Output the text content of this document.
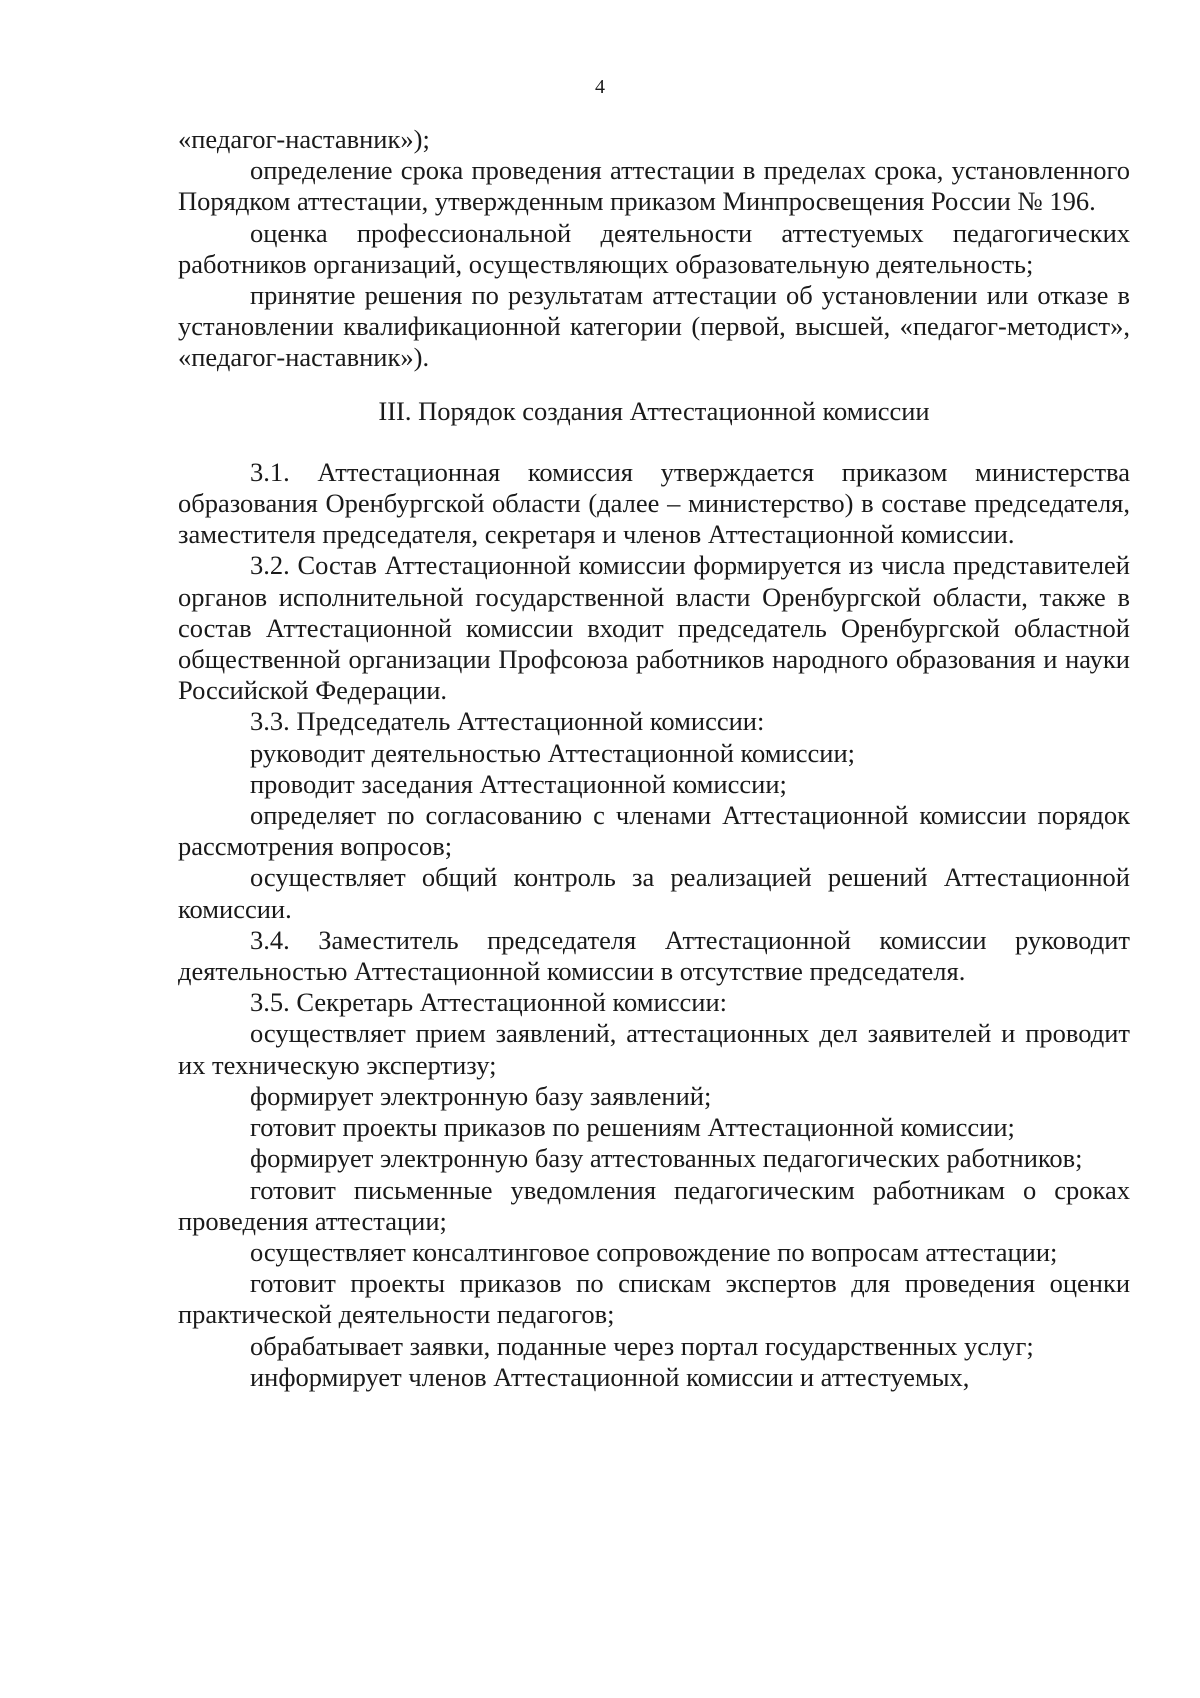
4

«педагог-наставник»);

определение срока проведения аттестации в пределах срока, установленного Порядком аттестации, утвержденным приказом Минпросвещения России № 196.

оценка профессиональной деятельности аттестуемых педагогических работников организаций, осуществляющих образовательную деятельность;

принятие решения по результатам аттестации об установлении или отказе в установлении квалификационной категории (первой, высшей, «педагог-методист», «педагог-наставник»).

III. Порядок создания Аттестационной комиссии

3.1. Аттестационная комиссия утверждается приказом министерства образования Оренбургской области (далее – министерство) в составе председателя, заместителя председателя, секретаря и членов Аттестационной комиссии.

3.2. Состав Аттестационной комиссии формируется из числа представителей органов исполнительной государственной власти Оренбургской области, также в состав Аттестационной комиссии входит председатель Оренбургской областной общественной организации Профсоюза работников народного образования и науки Российской Федерации.

3.3. Председатель Аттестационной комиссии:

руководит деятельностью Аттестационной комиссии;

проводит заседания Аттестационной комиссии;

определяет по согласованию с членами Аттестационной комиссии порядок рассмотрения вопросов;

осуществляет общий контроль за реализацией решений Аттестационной комиссии.

3.4. Заместитель председателя Аттестационной комиссии руководит деятельностью Аттестационной комиссии в отсутствие председателя.

3.5. Секретарь Аттестационной комиссии:

осуществляет прием заявлений, аттестационных дел заявителей и проводит их техническую экспертизу;

формирует электронную базу заявлений;

готовит проекты приказов по решениям Аттестационной комиссии;

формирует электронную базу аттестованных педагогических работников;

готовит письменные уведомления педагогическим работникам о сроках проведения аттестации;

осуществляет консалтинговое сопровождение по вопросам аттестации;

готовит проекты приказов по спискам экспертов для проведения оценки практической деятельности педагогов;

обрабатывает заявки, поданные через портал государственных услуг;

информирует членов Аттестационной комиссии и аттестуемых,
